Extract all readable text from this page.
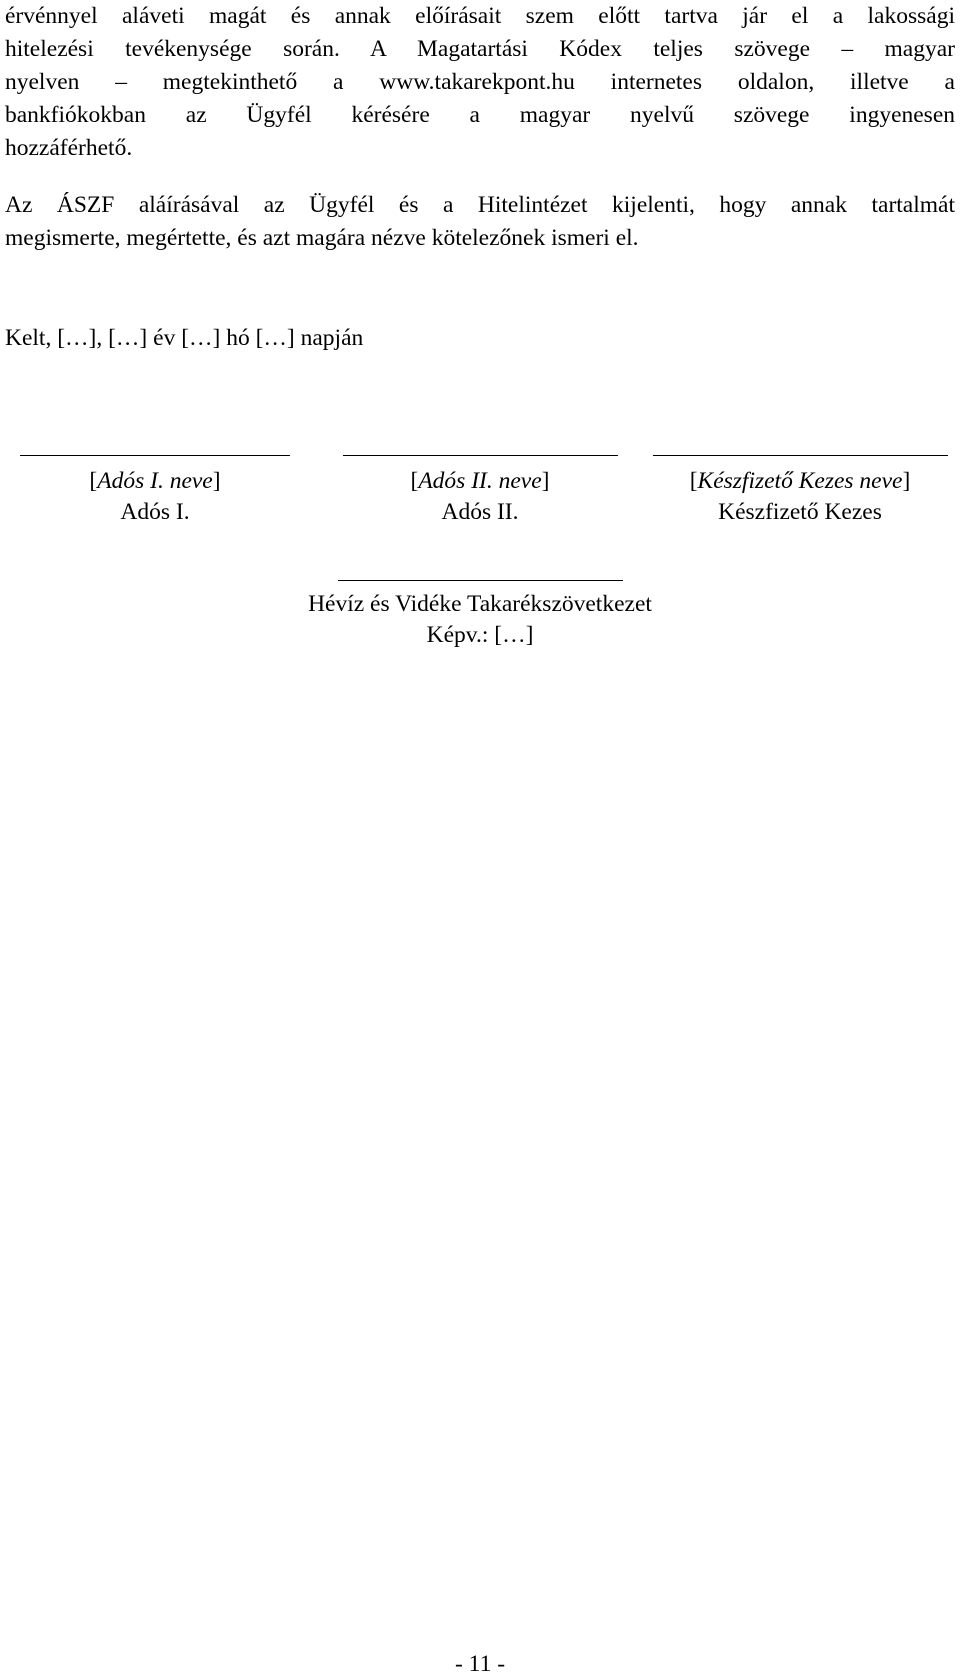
érvénnyel aláveti magát és annak előírásait szem előtt tartva jár el a lakossági
hitelezési tevékenysége során. A Magatartási Kódex teljes szövege – magyar
nyelven – megtekinthető a www.takarekpont.hu internetes oldalon, illetve a
bankfiókokban az Ügyfél kérésére a magyar nyelvű szövege ingyenesen
hozzáférhető.

Az ÁSZF aláírásával az Ügyfél és a Hitelintézet kijelenti, hogy annak tartalmát
megismerte, megértette, és azt magára nézve kötelezőnek ismeri el.

Kelt, […], […] év […] hó […] napján

[Adós I. neve]
Adós I.
[Adós II. neve]
Adós II.
[Készfizető Kezes neve]
Készfizető Kezes
Hévíz és Vidéke Takarékszövetkezet
Képv.: […]
- 11 -
